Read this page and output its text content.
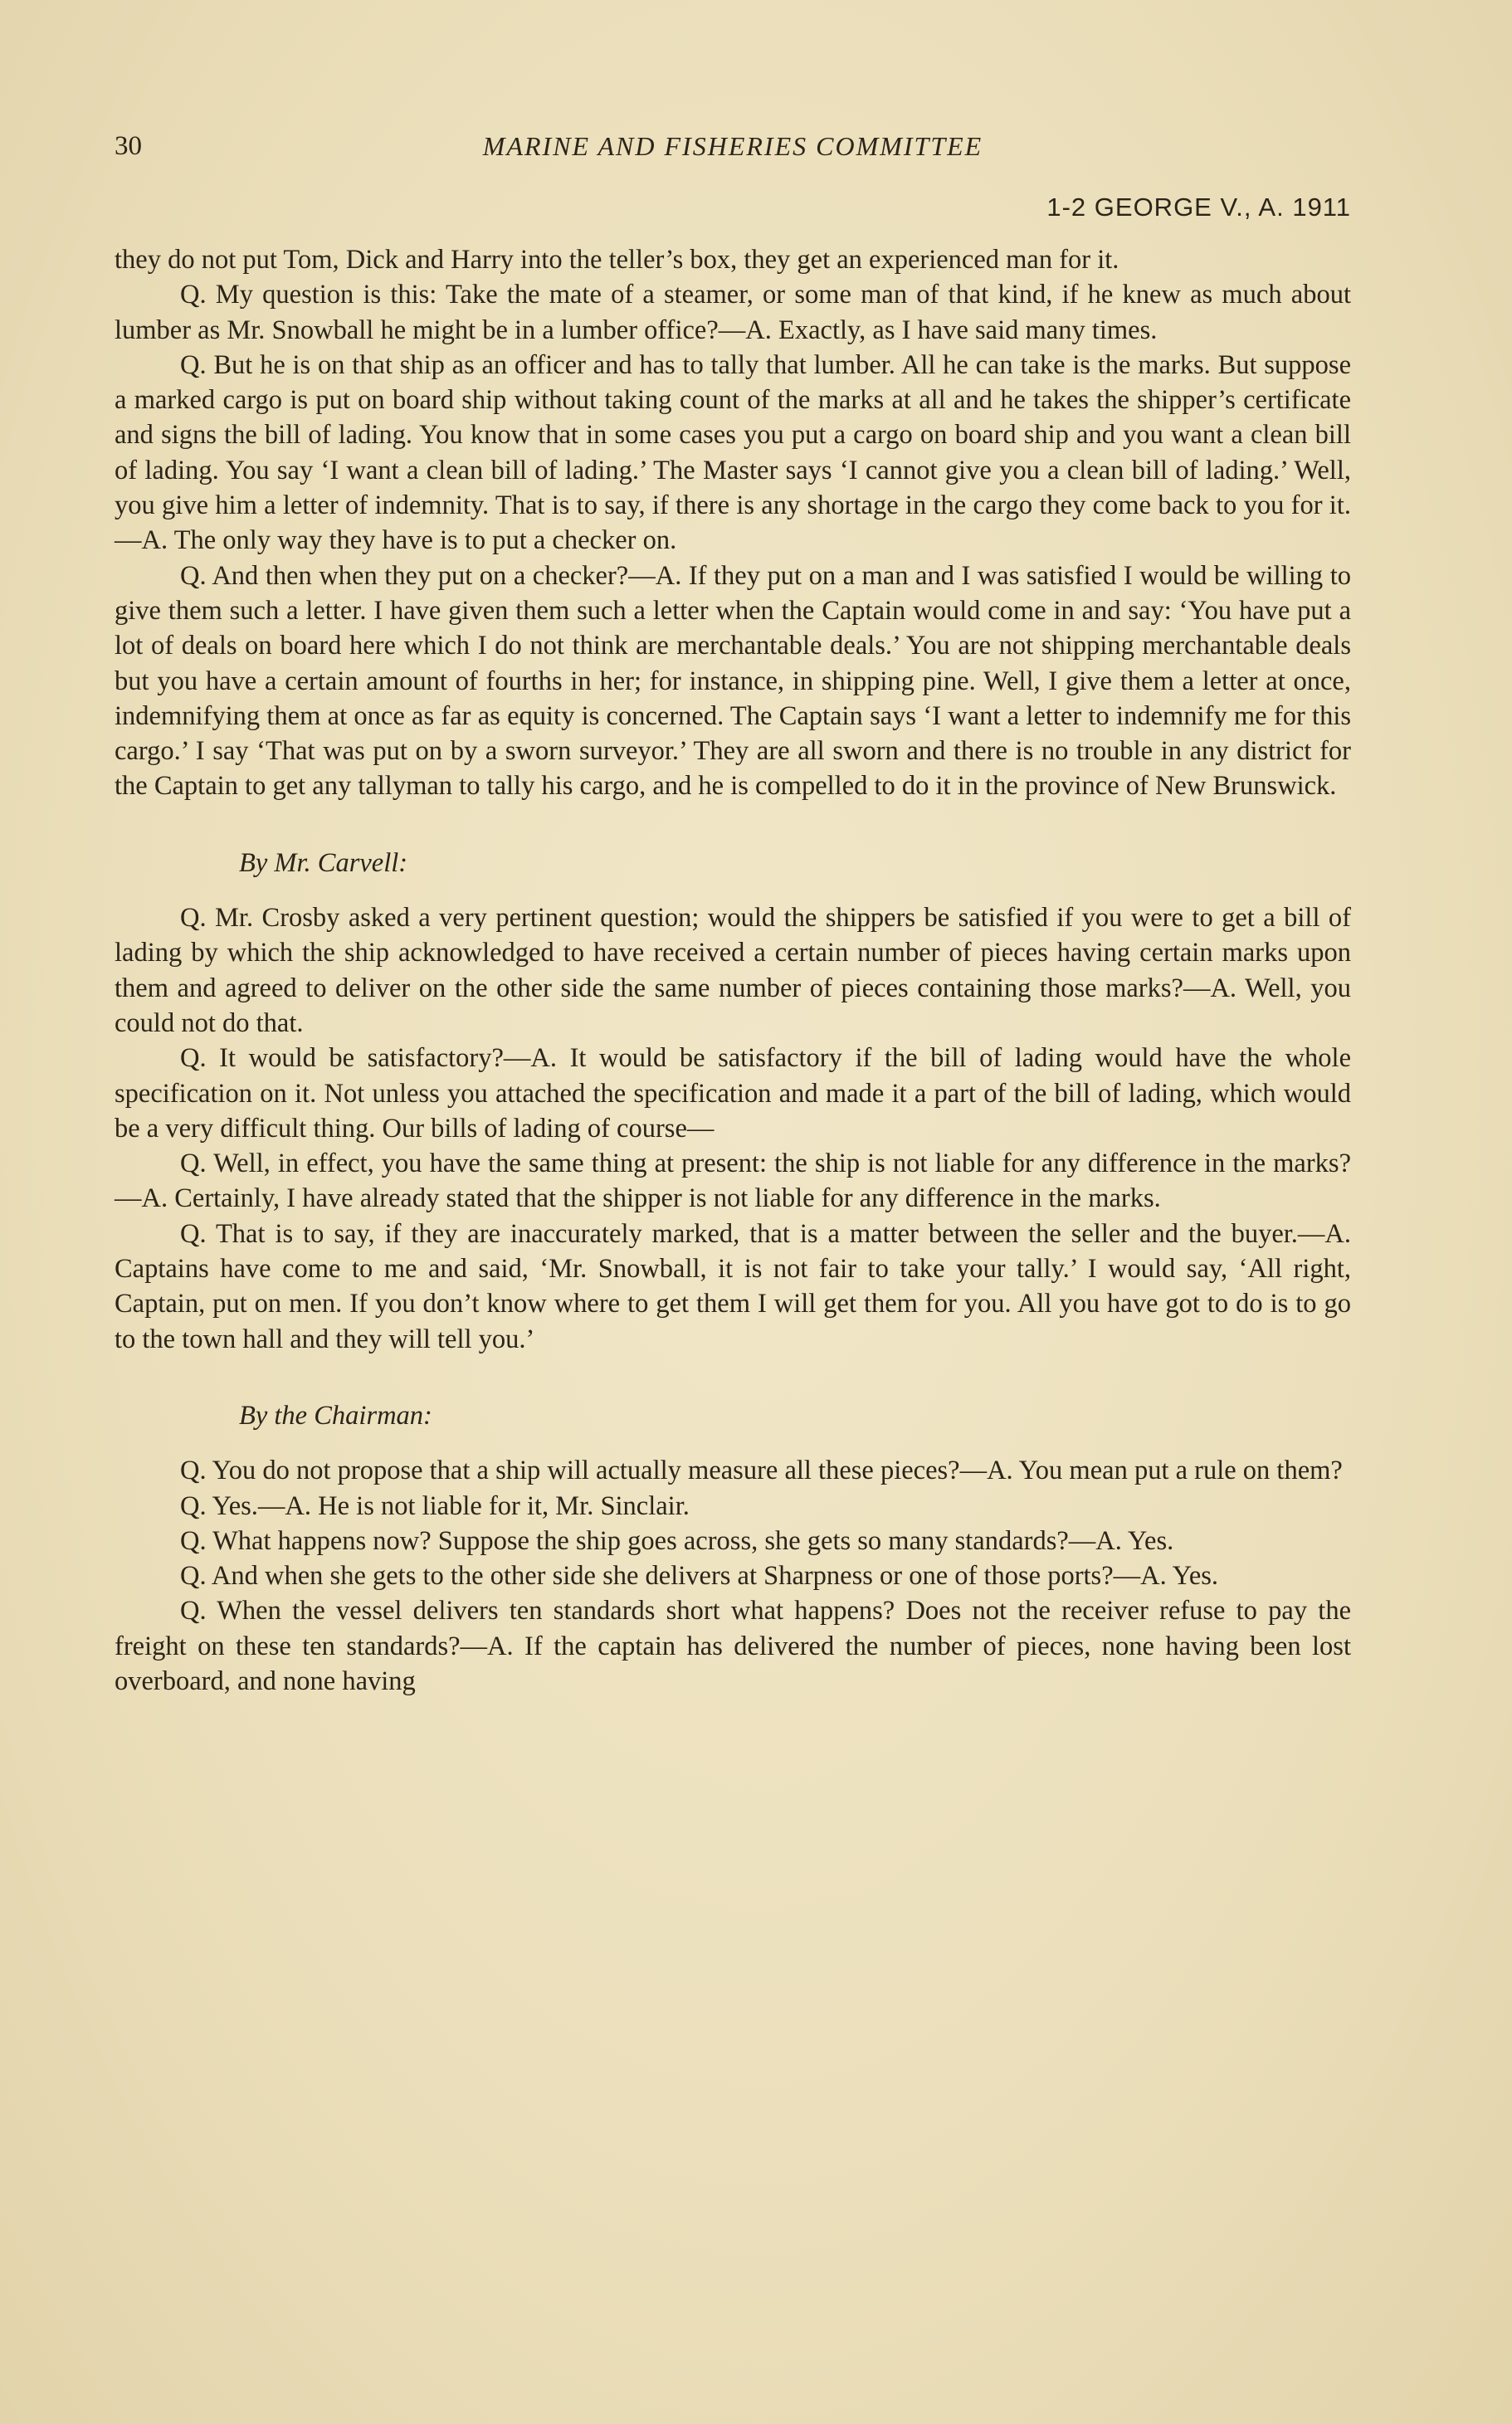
30	MARINE AND FISHERIES COMMITTEE
1-2 GEORGE V., A. 1911

they do not put Tom, Dick and Harry into the teller’s box, they get an experienced man for it.

Q. My question is this: Take the mate of a steamer, or some man of that kind, if he knew as much about lumber as Mr. Snowball he might be in a lumber office?—A. Exactly, as I have said many times.

Q. But he is on that ship as an officer and has to tally that lumber. All he can take is the marks. But suppose a marked cargo is put on board ship without taking count of the marks at all and he takes the shipper’s certificate and signs the bill of lading. You know that in some cases you put a cargo on board ship and you want a clean bill of lading. You say ‘I want a clean bill of lading.’ The Master says ‘I cannot give you a clean bill of lading.’ Well, you give him a letter of indemnity. That is to say, if there is any shortage in the cargo they come back to you for it.—A. The only way they have is to put a checker on.

Q. And then when they put on a checker?—A. If they put on a man and I was satisfied I would be willing to give them such a letter. I have given them such a letter when the Captain would come in and say: ‘You have put a lot of deals on board here which I do not think are merchantable deals.’ You are not shipping merchantable deals but you have a certain amount of fourths in her; for instance, in shipping pine. Well, I give them a letter at once, indemnifying them at once as far as equity is concerned. The Captain says ‘I want a letter to indemnify me for this cargo.’ I say ‘That was put on by a sworn surveyor.’ They are all sworn and there is no trouble in any district for the Captain to get any tallyman to tally his cargo, and he is compelled to do it in the province of New Brunswick.

By Mr. Carvell:

Q. Mr. Crosby asked a very pertinent question; would the shippers be satisfied if you were to get a bill of lading by which the ship acknowledged to have received a certain number of pieces having certain marks upon them and agreed to deliver on the other side the same number of pieces containing those marks?—A. Well, you could not do that.

Q. It would be satisfactory?—A. It would be satisfactory if the bill of lading would have the whole specification on it. Not unless you attached the specification and made it a part of the bill of lading, which would be a very difficult thing. Our bills of lading of course—

Q. Well, in effect, you have the same thing at present: the ship is not liable for any difference in the marks?—A. Certainly, I have already stated that the shipper is not liable for any difference in the marks.

Q. That is to say, if they are inaccurately marked, that is a matter between the seller and the buyer.—A. Captains have come to me and said, ‘Mr. Snowball, it is not fair to take your tally.’ I would say, ‘All right, Captain, put on men. If you don’t know where to get them I will get them for you. All you have got to do is to go to the town hall and they will tell you.’

By the Chairman:

Q. You do not propose that a ship will actually measure all these pieces?—A. You mean put a rule on them?

Q. Yes.—A. He is not liable for it, Mr. Sinclair.

Q. What happens now? Suppose the ship goes across, she gets so many standards?—A. Yes.

Q. And when she gets to the other side she delivers at Sharpness or one of those ports?—A. Yes.

Q. When the vessel delivers ten standards short what happens? Does not the receiver refuse to pay the freight on these ten standards?—A. If the captain has delivered the number of pieces, none having been lost overboard, and none having
